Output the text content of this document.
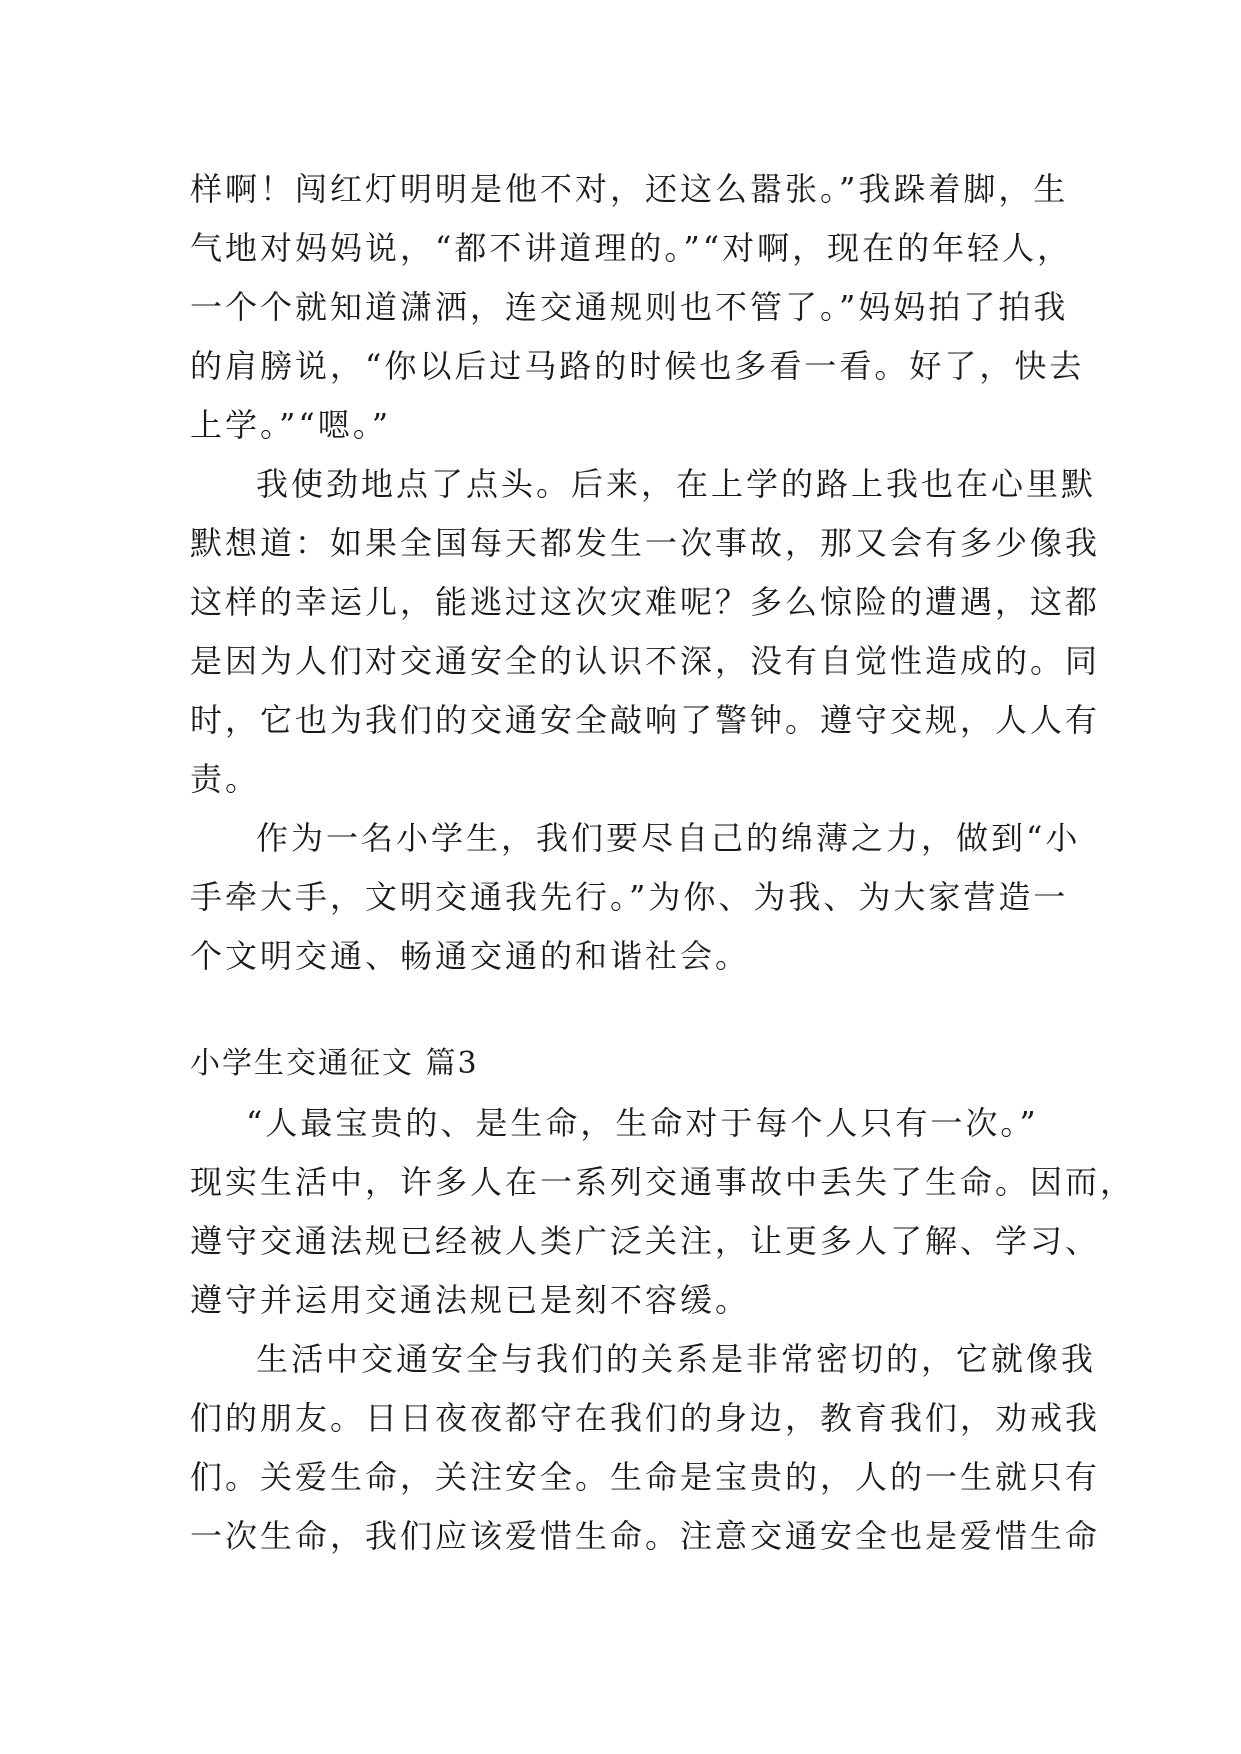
样啊！闯红灯明明是他不对，还这么嚣张。”我跺着脚，生
气地对妈妈说，“都不讲道理的。”“对啊，现在的年轻人，
一个个就知道潇洒，连交通规则也不管了。”妈妈拍了拍我
的肩膀说，“你以后过马路的时候也多看一看。好了，快去
上学。”“嗯。”
我使劲地点了点头。后来，在上学的路上我也在心里默
默想道：如果全国每天都发生一次事故，那又会有多少像我
这样的幸运儿，能逃过这次灾难呢？多么惊险的遭遇，这都
是因为人们对交通安全的认识不深，没有自觉性造成的。同
时，它也为我们的交通安全敲响了警钟。遵守交规，人人有
责。
作为一名小学生，我们要尽自己的绵薄之力，做到“小
手牵大手，文明交通我先行。”为你、为我、为大家营造一
个文明交通、畅通交通的和谐社会。
小学生交通征文 篇3
“人最宝贵的、是生命，生命对于每个人只有一次。”
现实生活中，许多人在一系列交通事故中丢失了生命。因而，
遵守交通法规已经被人类广泛关注，让更多人了解、学习、
遵守并运用交通法规已是刻不容缓。
生活中交通安全与我们的关系是非常密切的，它就像我
们的朋友。日日夜夜都守在我们的身边，教育我们，劝戒我
们。关爱生命，关注安全。生命是宝贵的，人的一生就只有
一次生命，我们应该爱惜生命。注意交通安全也是爱惜生命
